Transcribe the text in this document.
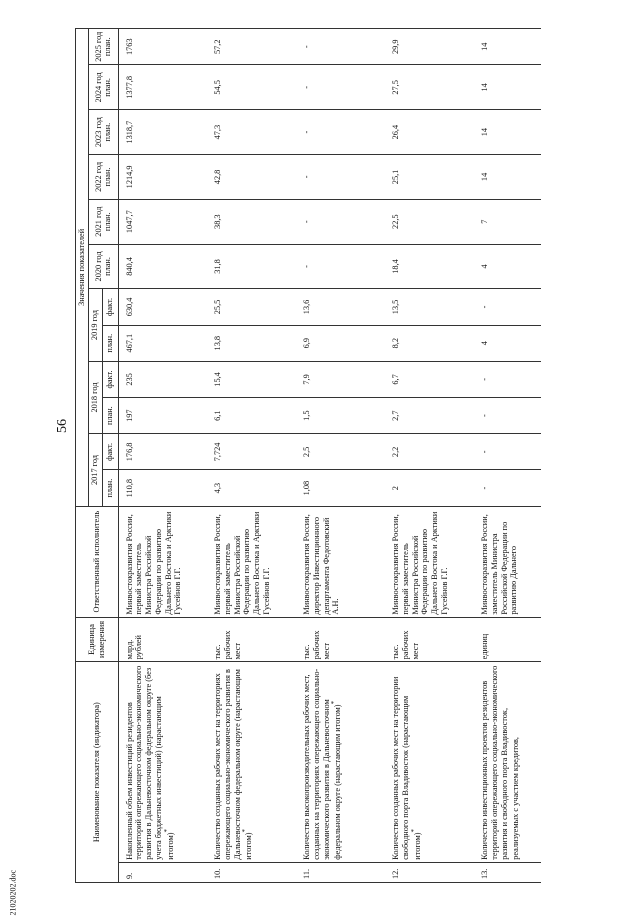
56
21020202.doc
Наименование показателя (индикатора)		Единица измерения	Ответственный исполнитель	Значения показателей											
				2017 год		2018 год		2019 год		2020 год план.	2021 год план.	2022 год план.	2023 год план.	2024 год план.	2025 год план.
				план.	факт.	план.	факт.	план.	факт.						
9.	Накопленный объем инвестиций резидентов территорий опережающего социально-экономического развития в Дальневосточном федеральном округе (без учета бюджетных инвестиций) (нарастающим итогом)*	млрд. рублей	Минвостокразвития России, первый заместитель Министра Российской Федерации по развитию Дальнего Востока и Арктики Гусейнов Г.Г.	110,8	176,8	197	235	467,1	630,4	840,4	1047,7	1214,9	1318,7	1377,8	1763
10.	Количество созданных рабочих мест на территориях опережающего социально-экономического развития в Дальневосточном федеральном округе (нарастающим итогом)*	тыс. рабочих мест	Минвостокразвития России, первый заместитель Министра Российской Федерации по развитию Дальнего Востока и Арктики Гусейнов Г.Г.	4,3	7,724	6,1	15,4	13,8	25,5	31,8	38,3	42,8	47,3	54,5	57,2
11.	Количество высокопроизводительных рабочих мест, созданных на территориях опережающего социально-экономического развития в Дальневосточном федеральном округе (нарастающим итогом)*	тыс. рабочих мест	Минвостокразвития России, директор Инвестиционного департамента Федотовский А.Н.	1,08	2,5	1,5	7,9	6,9	13,6	-	-	-	-	-	-
12.	Количество созданных рабочих мест на территории свободного порта Владивосток (нарастающим итогом)*	тыс. рабочих мест	Минвостокразвития России, первый заместитель Министра Российской Федерации по развитию Дальнего Востока и Арктики Гусейнов Г.Г.	2	2,2	2,7	6,7	8,2	13,5	18,4	22,5	25,1	26,4	27,5	29,9
13.	Количество инвестиционных проектов резидентов территорий опережающего социально-экономического развития и свободного порта Владивосток, реализуемых с участием кредитов,	единиц	Минвостокразвития России, заместитель Министра Российской Федерации по развитию Дальнего	-	-	-	-	4	-	4	7	14	14	14	14
